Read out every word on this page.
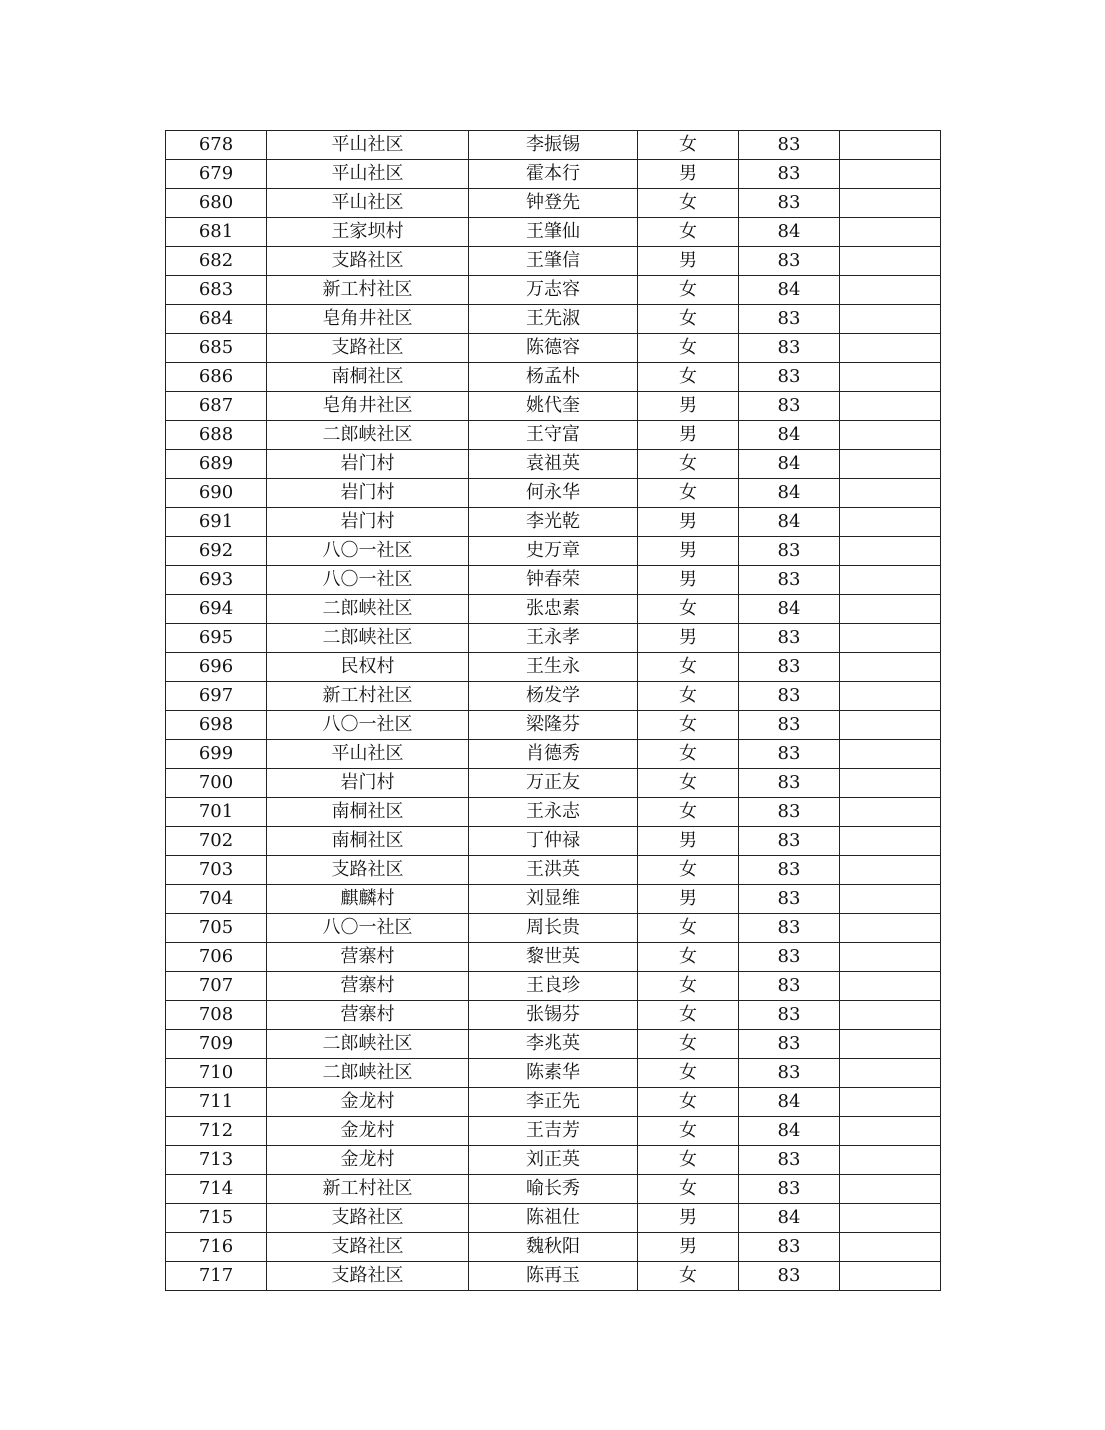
678	平山社区	李振锡	女	83	
679	平山社区	霍本行	男	83	
680	平山社区	钟登先	女	83	
681	王家坝村	王肇仙	女	84	
682	支路社区	王肇信	男	83	
683	新工村社区	万志容	女	84	
684	皂角井社区	王先淑	女	83	
685	支路社区	陈德容	女	83	
686	南桐社区	杨孟朴	女	83	
687	皂角井社区	姚代奎	男	83	
688	二郎峡社区	王守富	男	84	
689	岩门村	袁祖英	女	84	
690	岩门村	何永华	女	84	
691	岩门村	李光乾	男	84	
692	八〇一社区	史万章	男	83	
693	八〇一社区	钟春荣	男	83	
694	二郎峡社区	张忠素	女	84	
695	二郎峡社区	王永孝	男	83	
696	民权村	王生永	女	83	
697	新工村社区	杨发学	女	83	
698	八〇一社区	梁隆芬	女	83	
699	平山社区	肖德秀	女	83	
700	岩门村	万正友	女	83	
701	南桐社区	王永志	女	83	
702	南桐社区	丁仲禄	男	83	
703	支路社区	王洪英	女	83	
704	麒麟村	刘显维	男	83	
705	八〇一社区	周长贵	女	83	
706	营寨村	黎世英	女	83	
707	营寨村	王良珍	女	83	
708	营寨村	张锡芬	女	83	
709	二郎峡社区	李兆英	女	83	
710	二郎峡社区	陈素华	女	83	
711	金龙村	李正先	女	84	
712	金龙村	王吉芳	女	84	
713	金龙村	刘正英	女	83	
714	新工村社区	喻长秀	女	83	
715	支路社区	陈祖仕	男	84	
716	支路社区	魏秋阳	男	83	
717	支路社区	陈再玉	女	83	
